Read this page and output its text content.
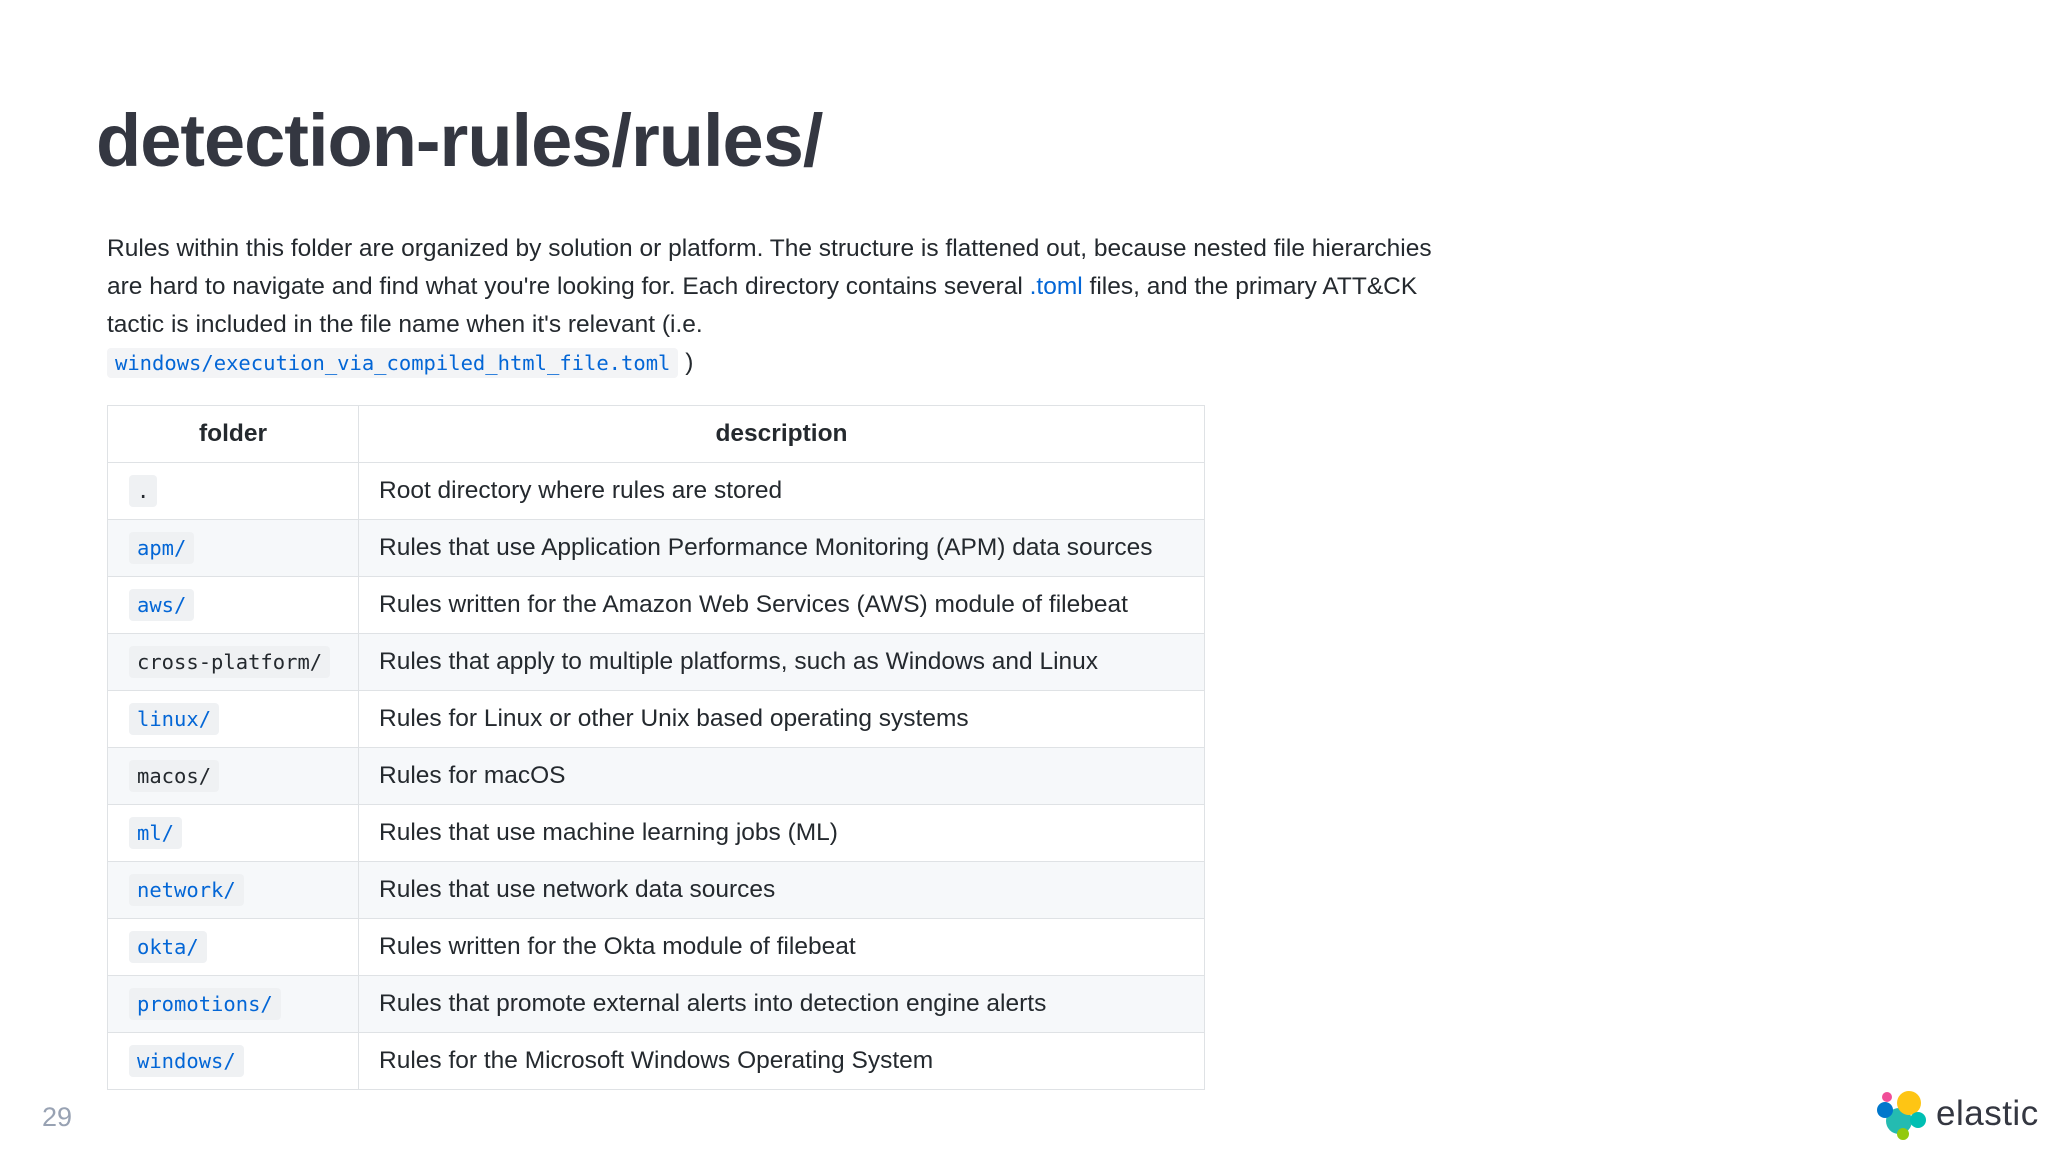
detection-rules/rules/

Rules within this folder are organized by solution or platform. The structure is flattened out, because nested file hierarchies are hard to navigate and find what you're looking for. Each directory contains several .toml files, and the primary ATT&CK tactic is included in the file name when it's relevant (i.e.
windows/execution_via_compiled_html_file.toml )

folder	description
.	Root directory where rules are stored
apm/	Rules that use Application Performance Monitoring (APM) data sources
aws/	Rules written for the Amazon Web Services (AWS) module of filebeat
cross-platform/	Rules that apply to multiple platforms, such as Windows and Linux
linux/	Rules for Linux or other Unix based operating systems
macos/	Rules for macOS
ml/	Rules that use machine learning jobs (ML)
network/	Rules that use network data sources
okta/	Rules written for the Okta module of filebeat
promotions/	Rules that promote external alerts into detection engine alerts
windows/	Rules for the Microsoft Windows Operating System
29	elastic
